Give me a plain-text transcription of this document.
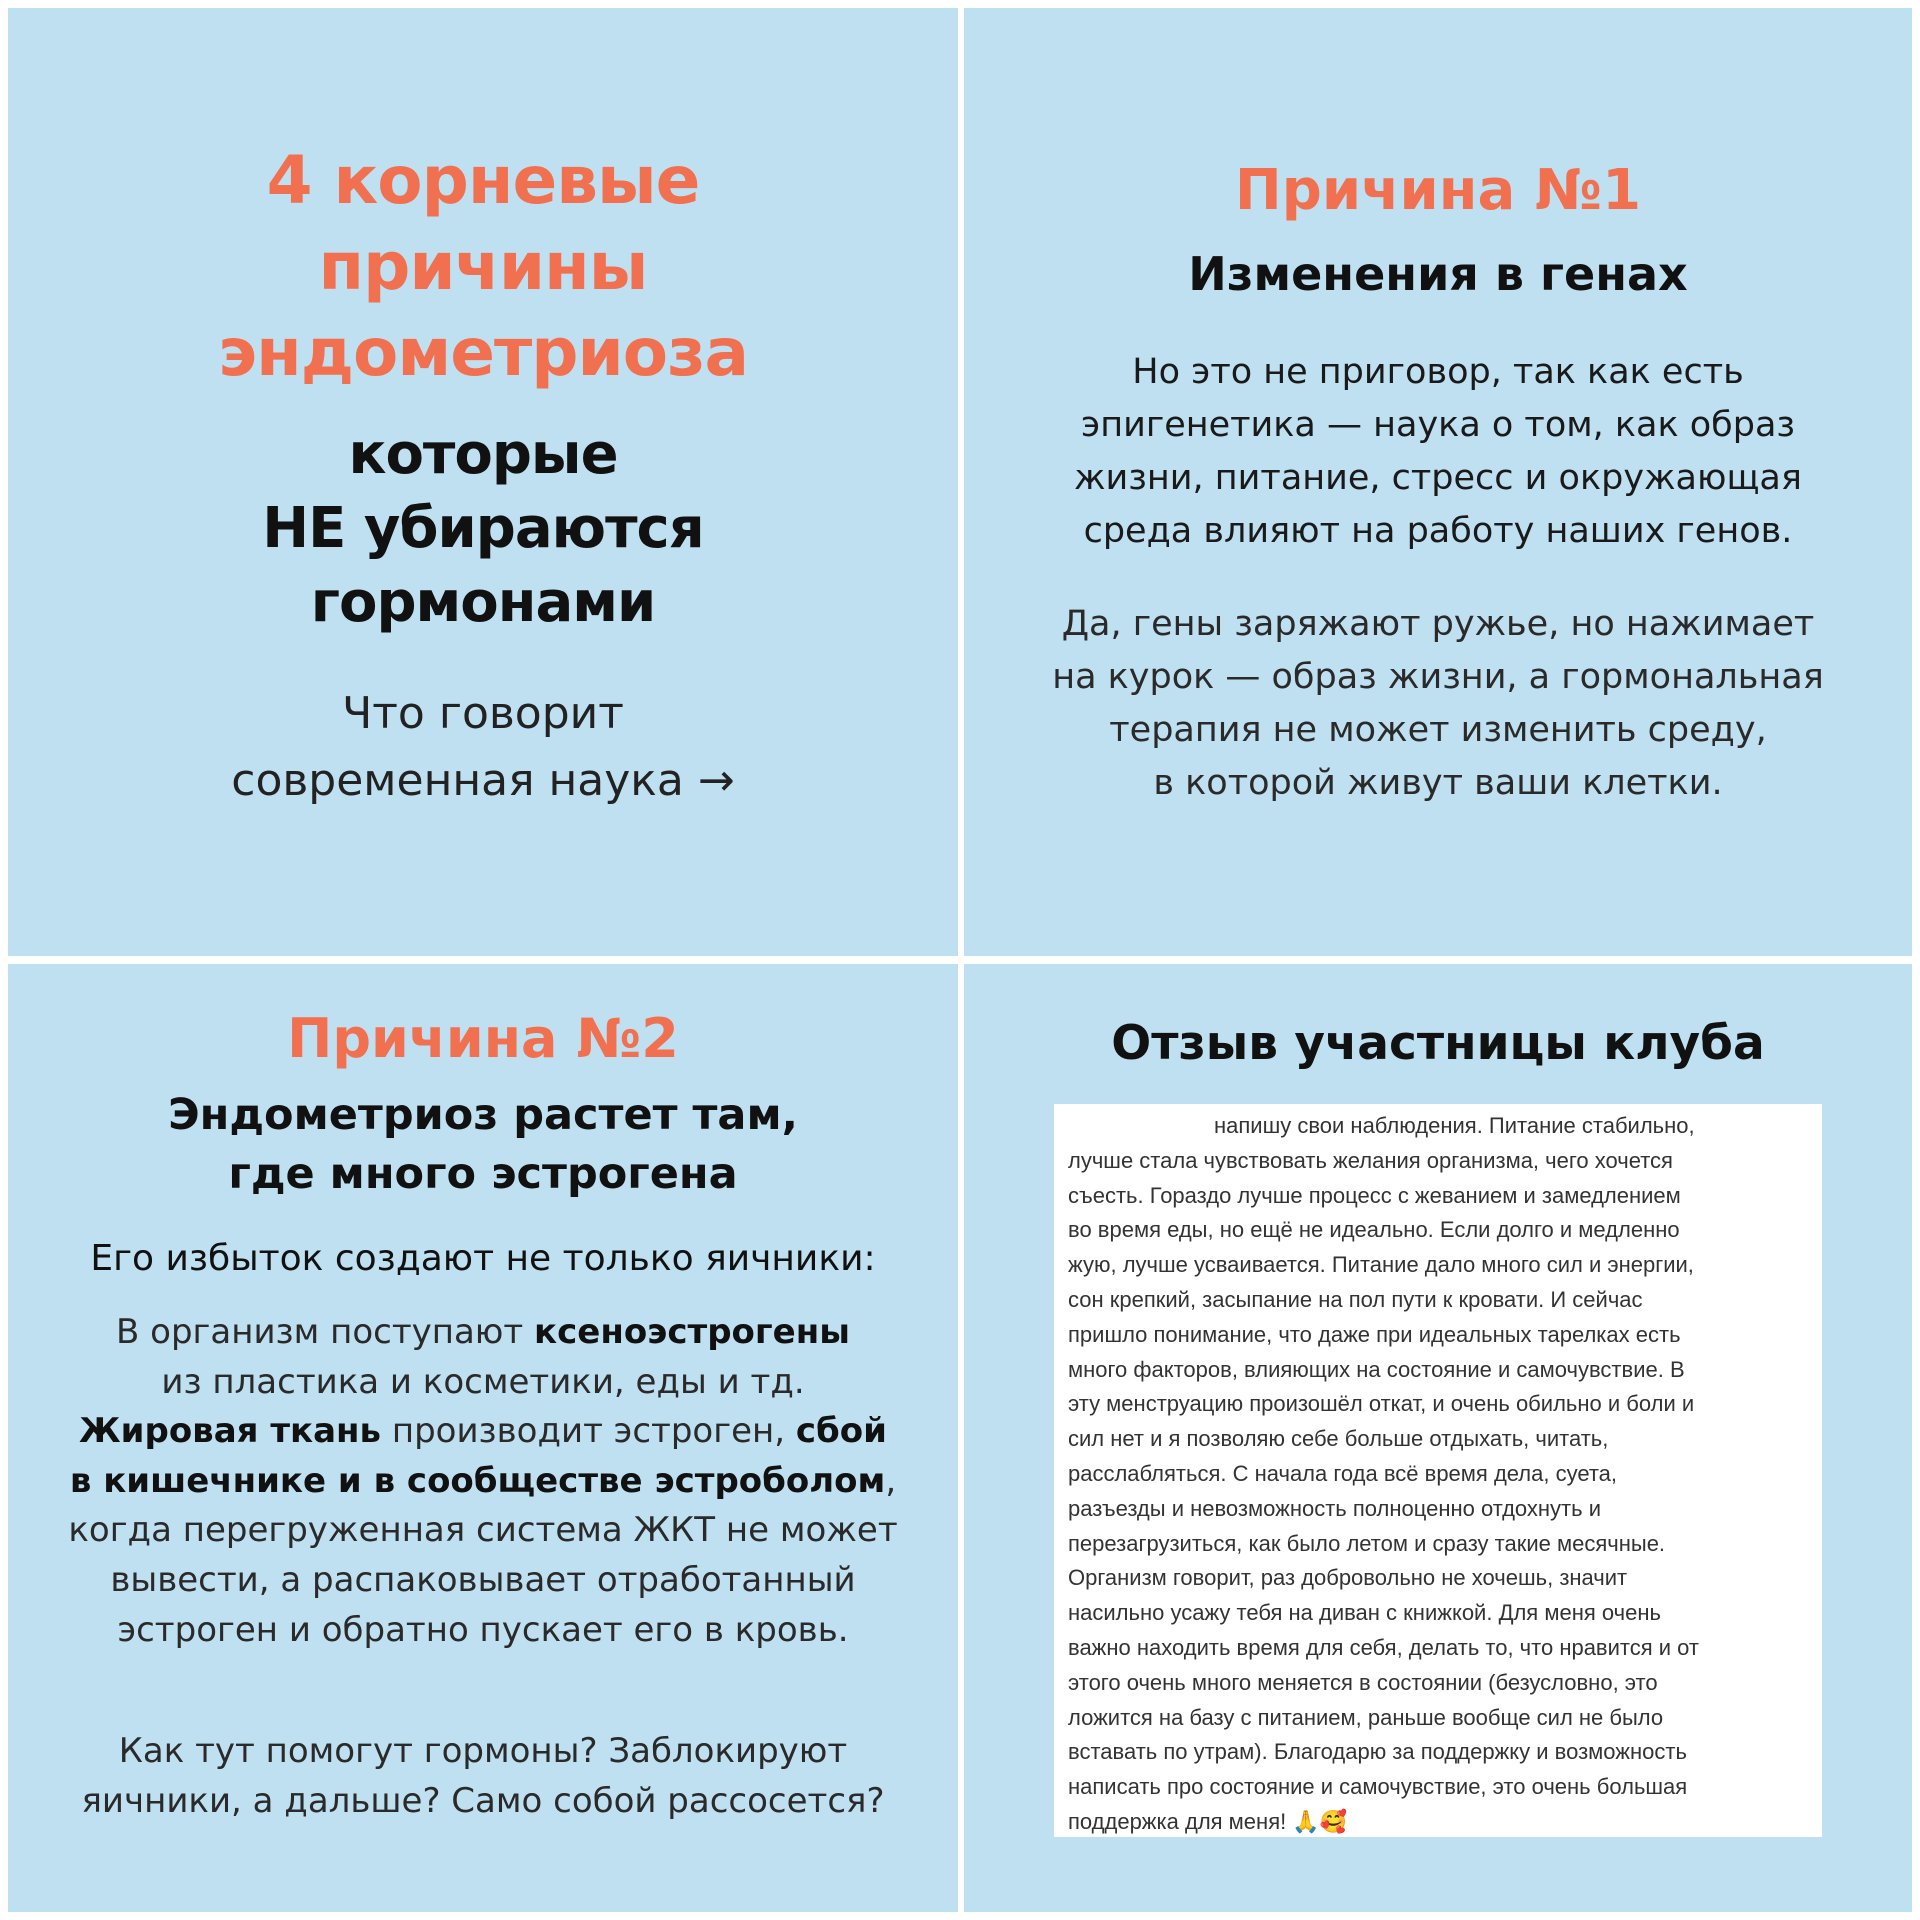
4 корневые
причины
эндометриоза
которые
НЕ убираются
гормонами
Что говорит
современная наука →
Причина №1
Изменения в генах
Но это не приговор, так как есть
эпигенетика — наука о том, как образ
жизни, питание, стресс и окружающая
среда влияют на работу наших генов.
Да, гены заряжают ружье, но нажимает
на курок — образ жизни, а гормональная
терапия не может изменить среду,
в которой живут ваши клетки.
Причина №2
Эндометриоз растет там,
где много эстрогена
Его избыток создают не только яичники:
В организм поступают ксеноэстрогены
из пластика и косметики, еды и тд.
Жировая ткань производит эстроген, сбой
в кишечнике и в сообществе эстроболом,
когда перегруженная система ЖКТ не может
вывести, а распаковывает отработанный
эстроген и обратно пускает его в кровь.
Как тут помогут гормоны? Заблокируют
яичники, а дальше? Само собой рассосется?
Отзыв участницы клуба
напишу свои наблюдения. Питание стабильно,
лучше стала чувствовать желания организма, чего хочется
съесть. Гораздо лучше процесс с жеванием и замедлением
во время еды, но ещё не идеально. Если долго и медленно
жую, лучше усваивается. Питание дало много сил и энергии,
сон крепкий, засыпание на пол пути к кровати. И сейчас
пришло понимание, что даже при идеальных тарелках есть
много факторов, влияющих на состояние и самочувствие. В
эту менструацию произошёл откат, и очень обильно и боли и
сил нет и я позволяю себе больше отдыхать, читать,
расслабляться. С начала года всё время дела, суета,
разъезды и невозможность полноценно отдохнуть и
перезагрузиться, как было летом и сразу такие месячные.
Организм говорит, раз добровольно не хочешь, значит
насильно усажу тебя на диван с книжкой. Для меня очень
важно находить время для себя, делать то, что нравится и от
этого очень много меняется в состоянии (безусловно, это
ложится на базу с питанием, раньше вообще сил не было
вставать по утрам). Благодарю за поддержку и возможность
написать про состояние и самочувствие, это очень большая
поддержка для меня! 🙏🥰
